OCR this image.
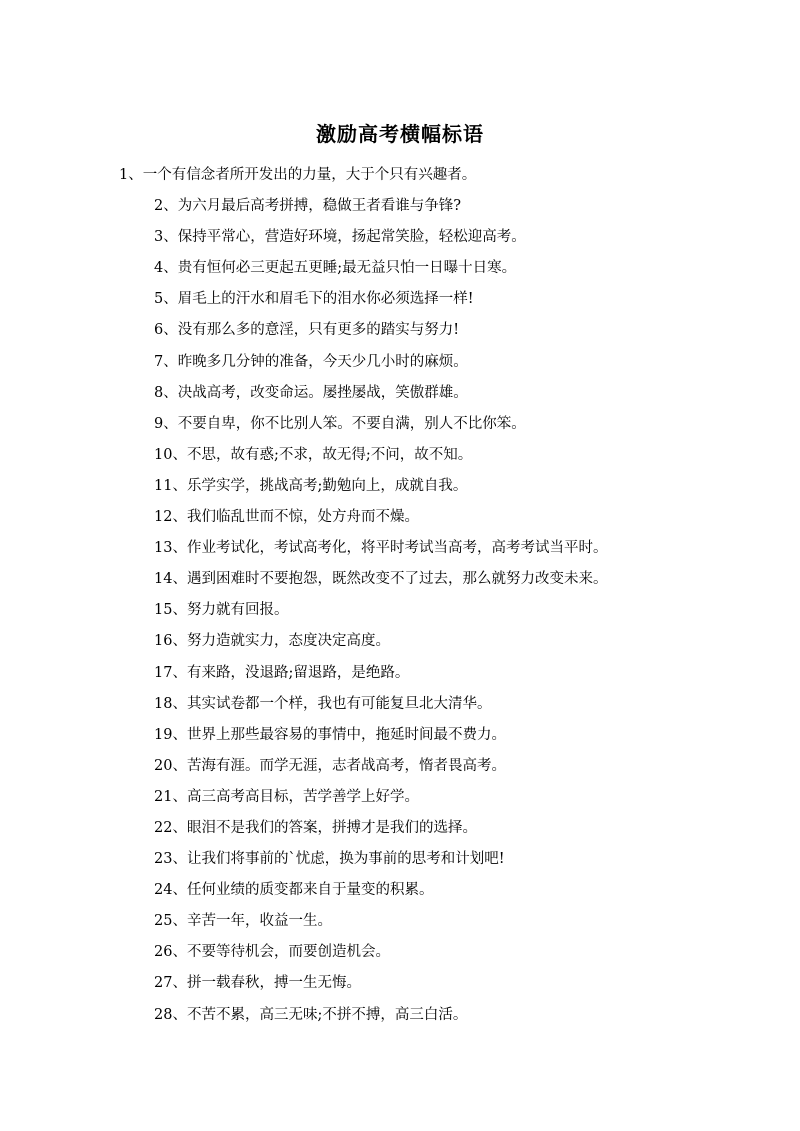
激励高考横幅标语
1、一个有信念者所开发出的力量，大于个只有兴趣者。
2、为六月最后高考拼搏，稳做王者看谁与争锋?
3、保持平常心，营造好环境，扬起常笑脸，轻松迎高考。
4、贵有恒何必三更起五更睡;最无益只怕一日曝十日寒。
5、眉毛上的汗水和眉毛下的泪水你必须选择一样!
6、没有那么多的意淫，只有更多的踏实与努力!
7、昨晚多几分钟的准备，今天少几小时的麻烦。
8、决战高考，改变命运。屡挫屡战，笑傲群雄。
9、不要自卑，你不比别人笨。不要自满，别人不比你笨。
10、不思，故有惑;不求，故无得;不问，故不知。
11、乐学实学，挑战高考;勤勉向上，成就自我。
12、我们临乱世而不惊，处方舟而不燥。
13、作业考试化，考试高考化，将平时考试当高考，高考考试当平时。
14、遇到困难时不要抱怨，既然改变不了过去，那么就努力改变未来。
15、努力就有回报。
16、努力造就实力，态度决定高度。
17、有来路，没退路;留退路，是绝路。
18、其实试卷都一个样，我也有可能复旦北大清华。
19、世界上那些最容易的事情中，拖延时间最不费力。
20、苦海有涯。而学无涯，志者战高考，惰者畏高考。
21、高三高考高目标，苦学善学上好学。
22、眼泪不是我们的答案，拼搏才是我们的选择。
23、让我们将事前的`忧虑，换为事前的思考和计划吧!
24、任何业绩的质变都来自于量变的积累。
25、辛苦一年，收益一生。
26、不要等待机会，而要创造机会。
27、拼一载春秋，搏一生无悔。
28、不苦不累，高三无味;不拼不搏，高三白活。
